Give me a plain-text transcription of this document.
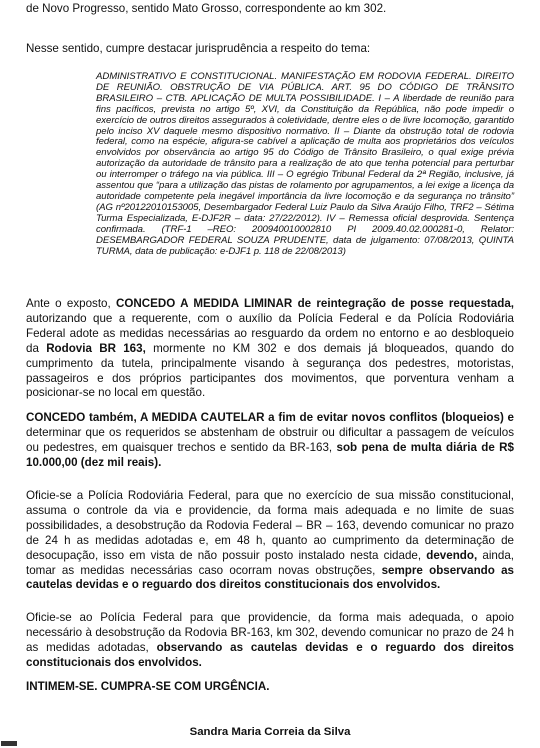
de Novo Progresso, sentido Mato Grosso, correspondente ao km 302.
Nesse sentido, cumpre destacar jurisprudência a respeito do tema:

ADMINISTRATIVO E CONSTITUCIONAL. MANIFESTAÇÃO EM RODOVIA FEDERAL. DIREITO DE REUNIÃO. OBSTRUÇÃO DE VIA PÚBLICA. ART. 95 DO CÓDIGO DE TRÂNSITO BRASILEIRO – CTB. APLICAÇÃO DE MULTA POSSIBILIDADE. I – A liberdade de reunião para fins pacíficos, prevista no artigo 5º, XVI, da Constituição da República, não pode impedir o exercício de outros direitos assegurados à coletividade, dentre eles o de livre locomoção, garantido pelo inciso XV daquele mesmo dispositivo normativo. II – Diante da obstrução total de rodovia federal, como na espécie, afigura-se cabível a aplicação de multa aos proprietários dos veículos envolvidos por observância ao artigo 95 do Código de Trânsito Brasileiro, o qual exige prévia autorização da autoridade de trânsito para a realização de ato que tenha potencial para perturbar ou interromper o tráfego na via pública. III – O egrégio Tribunal Federal da 2ª Região, inclusive, já assentou que “para a utilização das pistas de rolamento por agrupamentos, a lei exige a licença da autoridade competente pela inegável importância da livre locomoção e da segurança no trânsito” (AG nº20122010153005, Desembargador Federal Luiz Paulo da Silva Araújo Filho, TRF2 – Sétima Turma Especializada, E-DJF2R – data: 27/22/2012). IV – Remessa oficial desprovida. Sentença confirmada. (TRF-1 –REO: 200940010002810 PI 2009.40.02.000281-0, Relator: DESEMBARGADOR FEDERAL SOUZA PRUDENTE, data de julgamento: 07/08/2013, QUINTA TURMA, data de publicação: e-DJF1 p. 118 de 22/08/2013)

Ante o exposto, CONCEDO A MEDIDA LIMINAR de reintegração de posse requestada, autorizando que a requerente, com o auxílio da Polícia Federal e da Polícia Rodoviária Federal adote as medidas necessárias ao resguardo da ordem no entorno e ao desbloqueio da Rodovia BR 163, mormente no KM 302 e dos demais já bloqueados, quando do cumprimento da tutela, principalmente visando à segurança dos pedestres, motoristas, passageiros e dos próprios participantes dos movimentos, que porventura venham a posicionar-se no local em questão.

CONCEDO também, A MEDIDA CAUTELAR a fim de evitar novos conflitos (bloqueios) e determinar que os requeridos se abstenham de obstruir ou dificultar a passagem de veículos ou pedestres, em quaisquer trechos e sentido da BR-163, sob pena de multa diária de R$ 10.000,00 (dez mil reais).

Oficie-se a Polícia Rodoviária Federal, para que no exercício de sua missão constitucional, assuma o controle da via e providencie, da forma mais adequada e no limite de suas possibilidades, a desobstrução da Rodovia Federal – BR – 163, devendo comunicar no prazo de 24 h as medidas adotadas e, em 48 h, quanto ao cumprimento da determinação de desocupação, isso em vista de não possuir posto instalado nesta cidade, devendo, ainda, tomar as medidas necessárias caso ocorram novas obstruções, sempre observando as cautelas devidas e o reguardo dos direitos constitucionais dos envolvidos.

Oficie-se ao Polícia Federal para que providencie, da forma mais adequada, o apoio necessário à desobstrução da Rodovia BR-163, km 302, devendo comunicar no prazo de 24 h as medidas adotadas, observando as cautelas devidas e o reguardo dos direitos constitucionais dos envolvidos.

INTIMEM-SE. CUMPRA-SE COM URGÊNCIA.

Sandra Maria Correia da Silva
